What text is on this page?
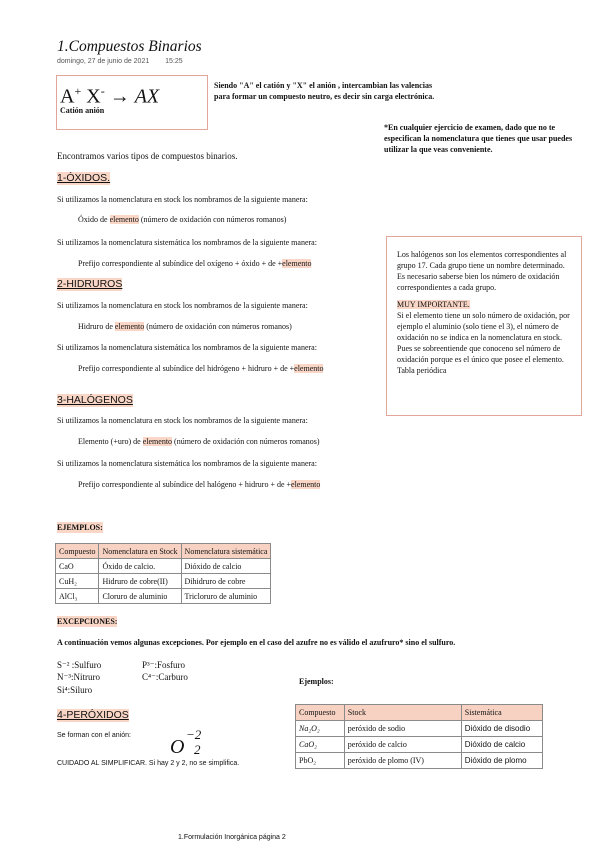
1.Compuestos Binarios
domingo, 27 de junio de 2021 15:25
A+ X- → AX
Catión anión
Siendo "A" el catión y "X" el anión , intercambian las valencias para formar un compuesto neutro, es decir sin carga electrónica.
*En cualquier ejercicio de examen, dado que no te especifican la nomenclatura que tienes que usar puedes utilizar la que veas conveniente.
Encontramos varios tipos de compuestos binarios.
1-ÓXIDOS.
Si utilizamos la nomenclatura en stock los nombramos de la siguiente manera:
Óxido de elemento (número de oxidación con números romanos)
Si utilizamos la nomenclatura sistemática los nombramos de la siguiente manera:
Prefijo correspondiente al subíndice del oxígeno + óxido + de +elemento
2-HIDRUROS
Si utilizamos la nomenclatura en stock los nombramos de la siguiente manera:
Hidruro de elemento (número de oxidación con números romanos)
Si utilizamos la nomenclatura sistemática los nombramos de la siguiente manera:
Prefijo correspondiente al subíndice del hidrógeno + hidruro + de +elemento
3-HALÓGENOS
Si utilizamos la nomenclatura en stock los nombramos de la siguiente manera:
Elemento (+uro) de elemento (número de oxidación con números romanos)
Si utilizamos la nomenclatura sistemática los nombramos de la siguiente manera:
Prefijo correspondiente al subíndice del halógeno + hidruro + de +elemento
Los halógenos son los elementos correspondientes al grupo 17. Cada grupo tiene un nombre determinado. Es necesario saberse bien los número de oxidación correspondientes a cada grupo.
MUY IMPORTANTE.
Si el elemento tiene un solo número de oxidación, por ejemplo el aluminio (solo tiene el 3), el número de oxidación no se indica en la nomenclatura en stock. Pues se sobreentiende que conoceno sel número de oxidación porque es el único que posee el elemento.
Tabla periódica
EJEMPLOS:
Compuesto	Nomenclatura en Stock	Nomenclatura sistemática
CaO	Óxido de calcio.	Dióxido de calcio
CuH₂	Hidruro de cobre(II)	Dihidruro de cobre
AlCl₃	Cloruro de aluminio	Tricloruro de aluminio
EXCEPCIONES:
A continuación vemos algunas excepciones. Por ejemplo en el caso del azufre no es válido el azufruro* sino el sulfuro.
S⁻² :Sulfuro	P³⁻:Fosfuro
N⁻³:Nitruro	C⁴⁻:Carburo
Si⁴:Siluro
Ejemplos:
Compuesto	Stock	Sistemática
Na₂O₂	peróxido de sodio	Dióxido de disodio
CaO₂	peróxido de calcio	Dióxido de calcio
PbO₂	peróxido de plomo (IV)	Dióxido de plomo
4-PERÓXIDOS
Se forman con el anión:
O
−2
2
CUIDADO AL SIMPLIFICAR. Si hay 2 y 2, no se simplifica.
1.Formulación Inorgánica página 2
